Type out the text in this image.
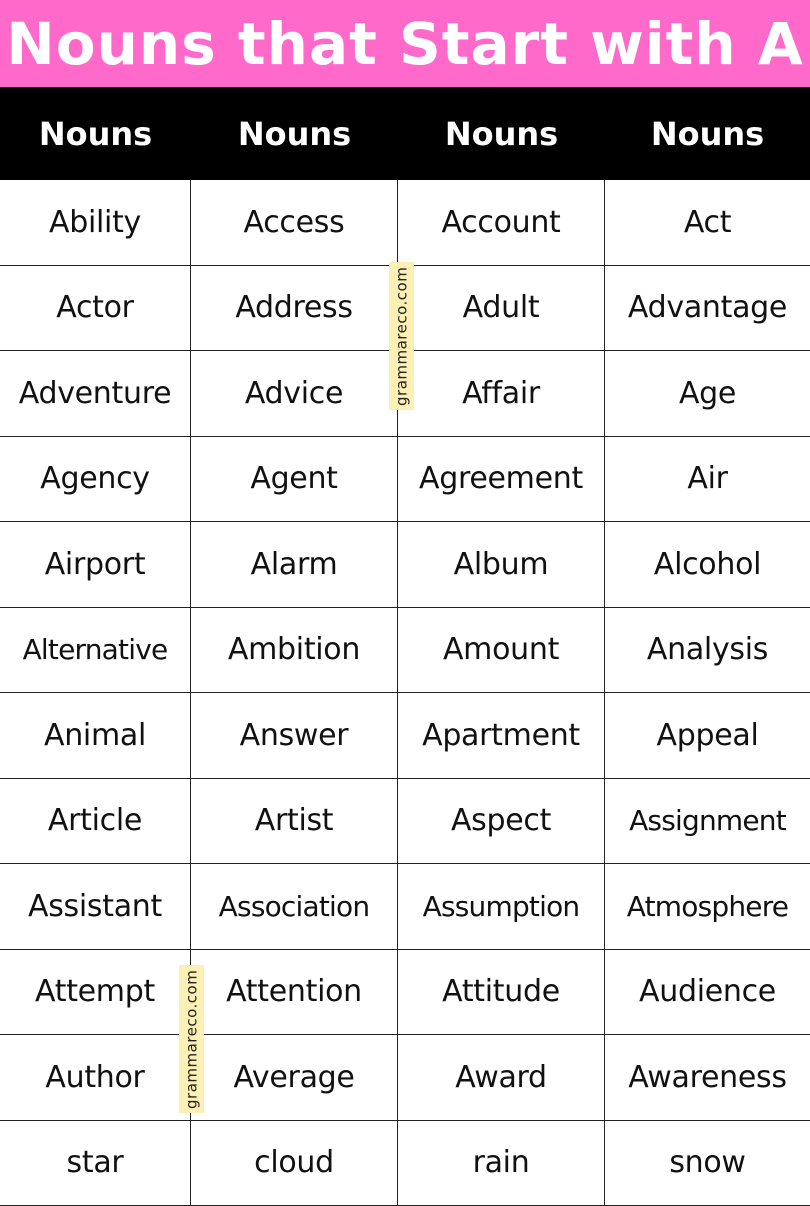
Nouns that Start with A
Nouns	Nouns	Nouns	Nouns
Ability	Access	Account	Act
Actor	Address	Adult	Advantage
Adventure	Advice	Affair	Age
Agency	Agent	Agreement	Air
Airport	Alarm	Album	Alcohol
Alternative	Ambition	Amount	Analysis
Animal	Answer	Apartment	Appeal
Article	Artist	Aspect	Assignment
Assistant	Association	Assumption	Atmosphere
Attempt	Attention	Attitude	Audience
Author	Average	Award	Awareness
star	cloud	rain	snow
grammareco.com
grammareco.com
